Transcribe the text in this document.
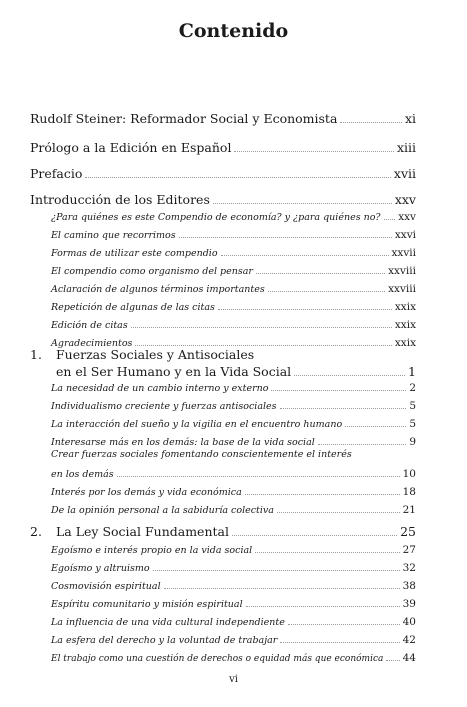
Contenido
Rudolf Steiner: Reformador Social y Economista	xi
Prólogo a la Edición en Español	xiii
Prefacio	xvii
Introducción de los Editores	xxv
¿Para quiénes es este Compendio de economía? y ¿para quiénes no? xxv
El camino que recorrimos	xxvi
Formas de utilizar este compendio	xxvii
El compendio como organismo del pensar	xxviii
Aclaración de algunos términos importantes	xxviii
Repetición de algunas de las citas	xxix
Edición de citas	xxix
Agradecimientos	xxix
1.	Fuerzas Sociales y Antisociales
en el Ser Humano y en la Vida Social	1
La necesidad de un cambio interno y externo	2
Individualismo creciente y fuerzas antisociales	5
La interacción del sueño y la vigilia en el encuentro humano	5
Interesarse más en los demás: la base de la vida social	9
Crear fuerzas sociales fomentando conscientemente el interés
en los demás	10
Interés por los demás y vida económica	18
De la opinión personal a la sabiduría colectiva	21
2.	La Ley Social Fundamental	25
Egoísmo e interés propio en la vida social	27
Egoísmo y altruismo	32
Cosmovisión espiritual	38
Espíritu comunitario y misión espiritual	39
La influencia de una vida cultural independiente	40
La esfera del derecho y la voluntad de trabajar	42
El trabajo como una cuestión de derechos o equidad más que económica 44
vi
